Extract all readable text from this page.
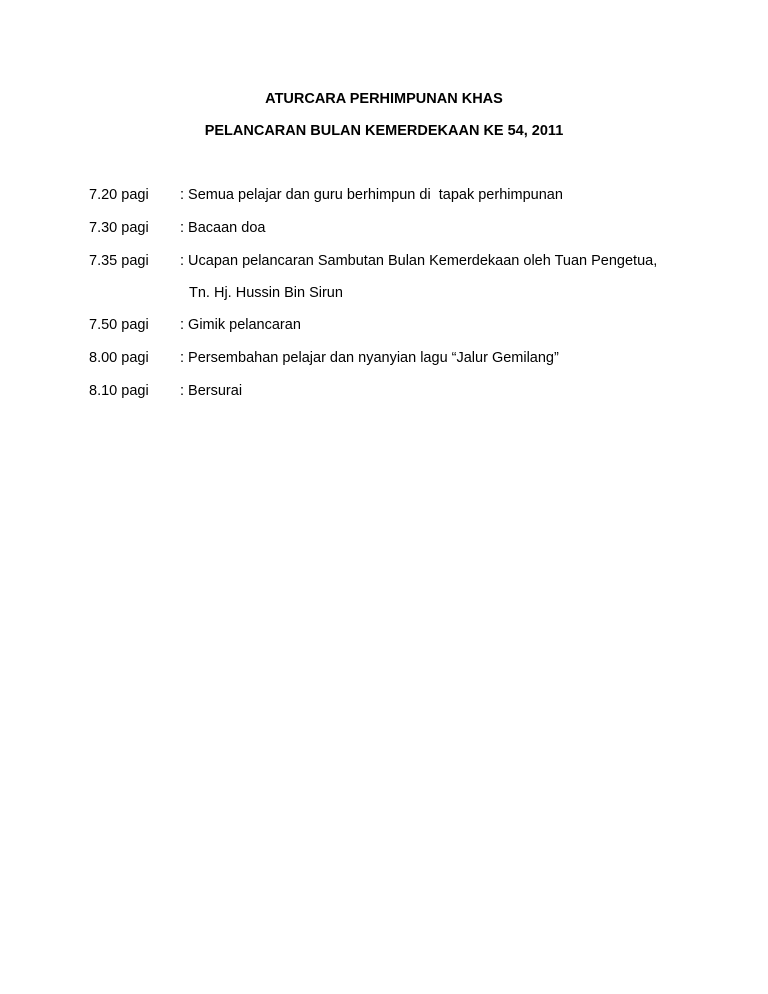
ATURCARA PERHIMPUNAN KHAS
PELANCARAN BULAN KEMERDEKAAN KE 54, 2011

7.20 pagi

: Semua pelajar dan guru berhimpun di  tapak perhimpunan

7.30 pagi

: Bacaan doa

7.35 pagi

: Ucapan pelancaran Sambutan Bulan Kemerdekaan oleh Tuan Pengetua,

Tn. Hj. Hussin Bin Sirun

7.50 pagi

: Gimik pelancaran

8.00 pagi

: Persembahan pelajar dan nyanyian lagu “Jalur Gemilang”

8.10 pagi

: Bersurai
